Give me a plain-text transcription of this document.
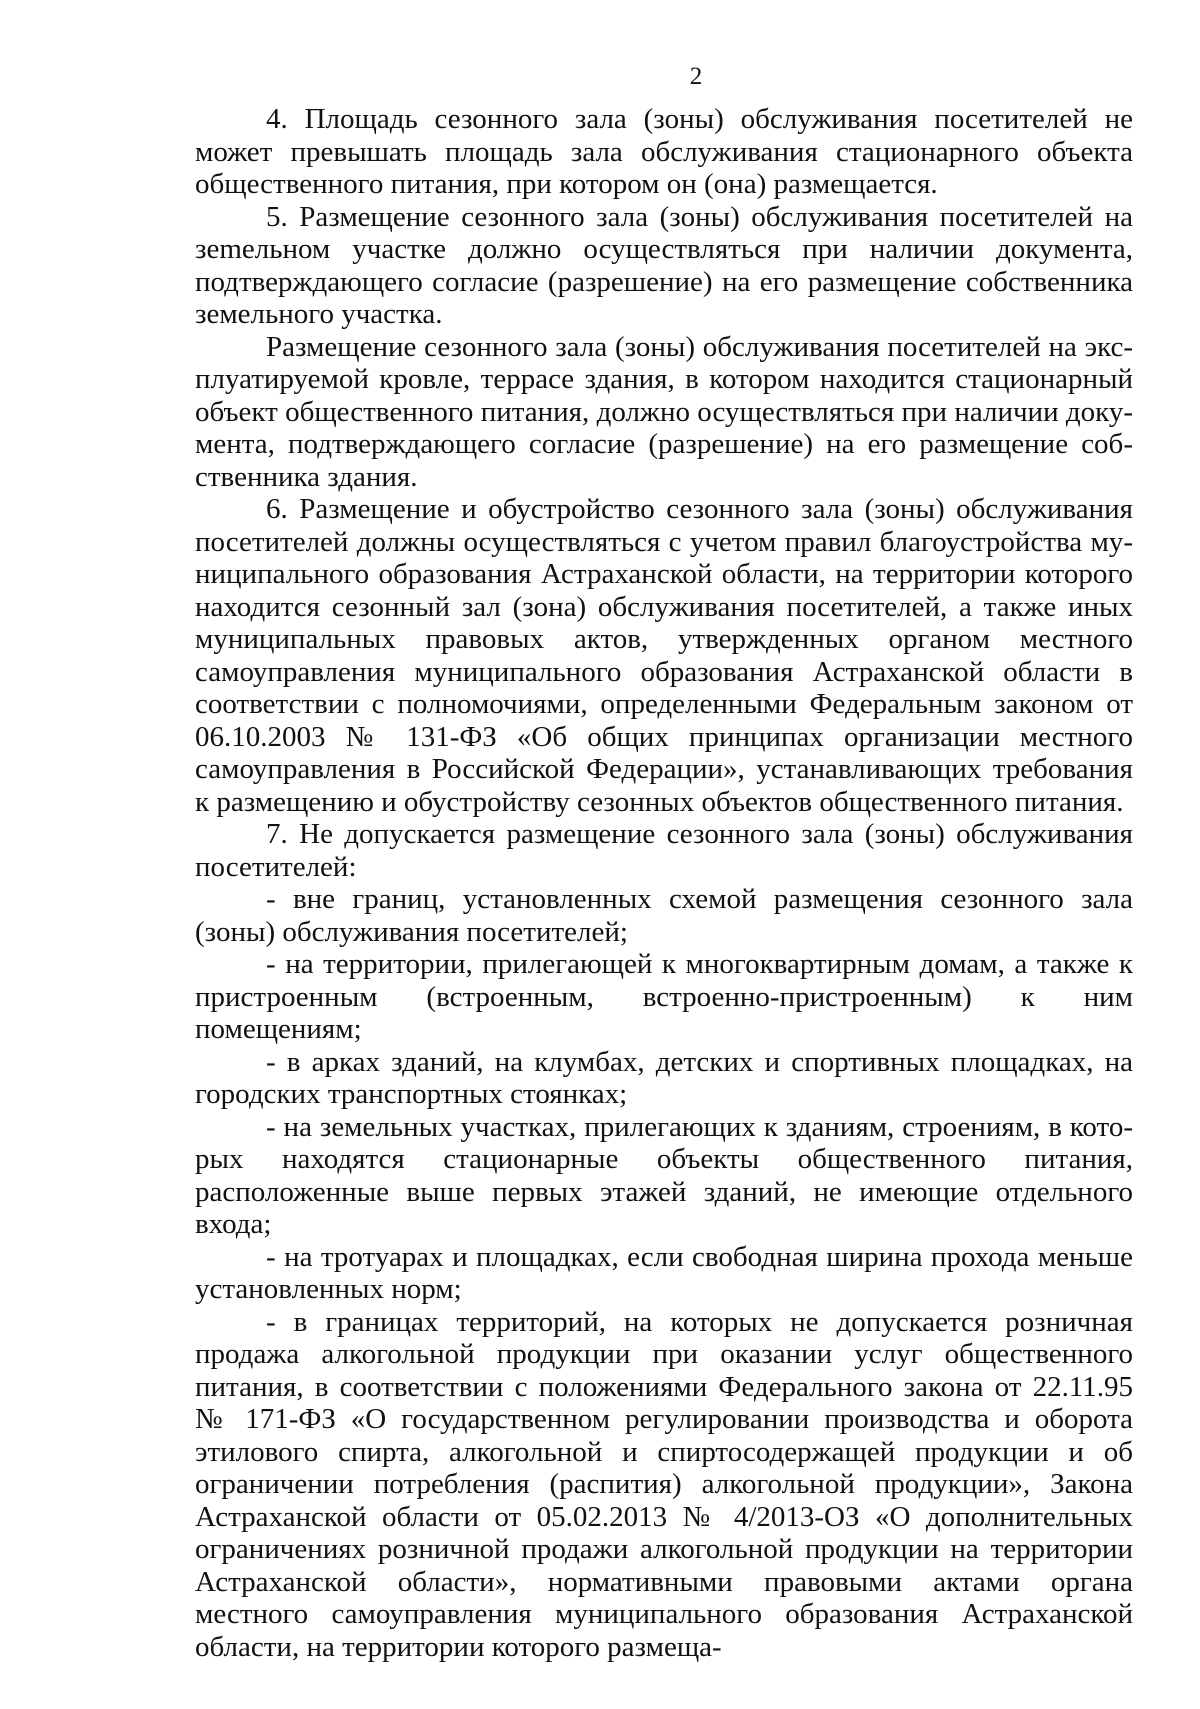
2

4. Площадь сезонного зала (зоны) обслуживания посетителей не может превышать площадь зала обслуживания стационарного объекта общественного питания, при котором он (она) размещается.

5. Размещение сезонного зала (зоны) обслуживания посетителей на зеmельном участке должно осуществляться при наличии документа, подтверждающего согласие (разрешение) на его размещение собственника земельного участка.

Размещение сезонного зала (зоны) обслуживания посетителей на эксплуатируемой кровле, террасе здания, в котором находится стационарный объект общественного питания, должно осуществляться при наличии документа, подтверждающего согласие (разрешение) на его размещение собственника здания.

6. Размещение и обустройство сезонного зала (зоны) обслуживания посетителей должны осуществляться с учетом правил благоустройства муниципального образования Астраханской области, на территории которого находится сезонный зал (зона) обслуживания посетителей, а также иных муниципальных правовых актов, утвержденных органом местного самоуправления муниципального образования Астраханской области в соответствии с полномочиями, определенными Федеральным законом от 06.10.2003 № 131-ФЗ «Об общих принципах организации местного самоуправления в Российской Федерации», устанавливающих требования к размещению и обустройству сезонных объектов общественного питания.

7. Не допускается размещение сезонного зала (зоны) обслуживания посетителей:

- вне границ, установленных схемой размещения сезонного зала (зоны) обслуживания посетителей;

- на территории, прилегающей к многоквартирным домам, а также к пристроенным (встроенным, встроенно-пристроенным) к ним помещениям;

- в арках зданий, на клумбах, детских и спортивных площадках, на городских транспортных стоянках;

- на земельных участках, прилегающих к зданиям, строениям, в которых находятся стационарные объекты общественного питания, расположенные выше первых этажей зданий, не имеющие отдельного входа;

- на тротуарах и площадках, если свободная ширина прохода меньше установленных норм;

- в границах территорий, на которых не допускается розничная продажа алкогольной продукции при оказании услуг общественного питания, в соответствии с положениями Федерального закона от 22.11.95 № 171-ФЗ «О государственном регулировании производства и оборота этилового спирта, алкогольной и спиртосодержащей продукции и об ограничении потребления (распития) алкогольной продукции», Закона Астраханской области от 05.02.2013 № 4/2013-ОЗ «О дополнительных ограничениях розничной продажи алкогольной продукции на территории Астраханской области», нормативными правовыми актами органа местного самоуправления муниципального образования Астраханской области, на территории которого размеща-
